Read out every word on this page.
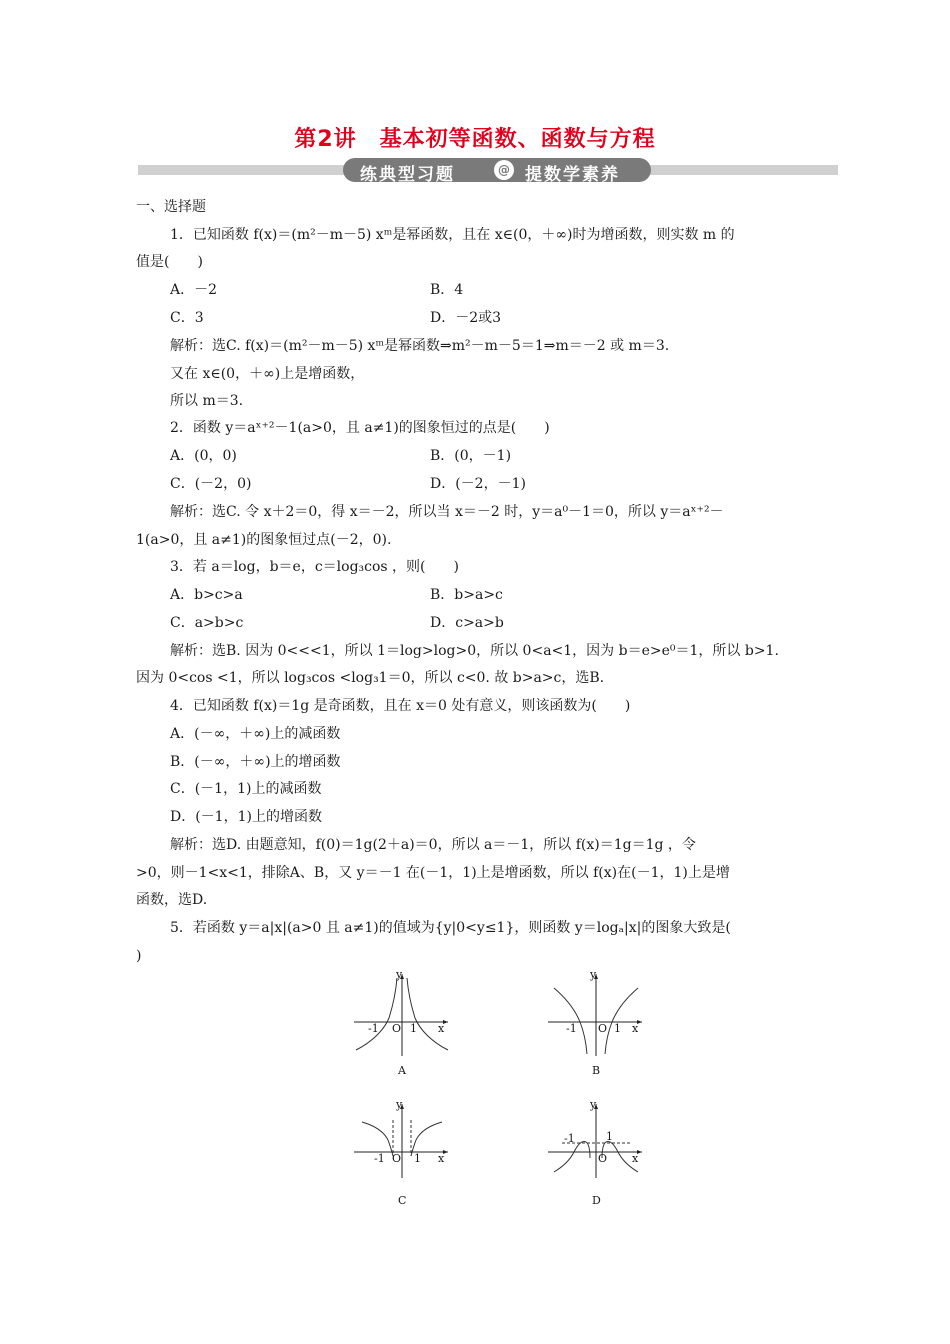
第2讲　基本初等函数、函数与方程
练典型习题	@ 提数学素养
一、选择题
1．已知函数 f(x)＝(m²－m－5) xᵐ是幂函数，且在 x∈(0，＋∞)时为增函数，则实数 m 的
值是(　　)
A．－2	B．4
C．3	D．－2或3
解析：选C. f(x)＝(m²－m－5) xᵐ是幂函数⇒m²－m－5＝1⇒m＝－2 或 m＝3.
又在 x∈(0，＋∞)上是增函数，
所以 m＝3.
2．函数 y＝aˣ⁺²－1(a>0，且 a≠1)的图象恒过的点是(　　)
A．(0，0)	B．(0，－1)
C．(－2，0)	D．(－2，－1)
解析：选C. 令 x＋2＝0，得 x＝－2，所以当 x＝－2 时，y＝a⁰－1＝0，所以 y＝aˣ⁺²－
1(a>0，且 a≠1)的图象恒过点(－2，0).
3．若 a＝log，b＝e，c＝log₃cos ，则(　　)
A．b>c>a	B．b>a>c
C．a>b>c	D．c>a>b
解析：选B. 因为 0<<<1，所以 1＝log>log>0，所以 0<a<1，因为 b＝e>e⁰＝1，所以 b>1.
因为 0<cos <1，所以 log₃cos <log₃1＝0，所以 c<0. 故 b>a>c，选B.
4．已知函数 f(x)＝1g 是奇函数，且在 x＝0 处有意义，则该函数为(　　)
A．(－∞，＋∞)上的减函数
B．(－∞，＋∞)上的增函数
C．(－1，1)上的减函数
D．(－1，1)上的增函数
解析：选D. 由题意知，f(0)＝1g(2＋a)＝0，所以 a＝－1，所以 f(x)＝1g＝1g ，令
>0，则－1<x<1，排除A、B，又 y＝－1 在(－1，1)上是增函数，所以 f(x)在(－1，1)上是增
函数，选D.
5．若函数 y＝a|x|(a>0 且 a≠1)的值域为{y|0<y≤1}，则函数 y＝logₐ|x|的图象大致是(
)
y
x
O
-1	1
A
y
x
O
-1	1
B
y
x
O
-1	1
C
y
x
O
-1	1
D
